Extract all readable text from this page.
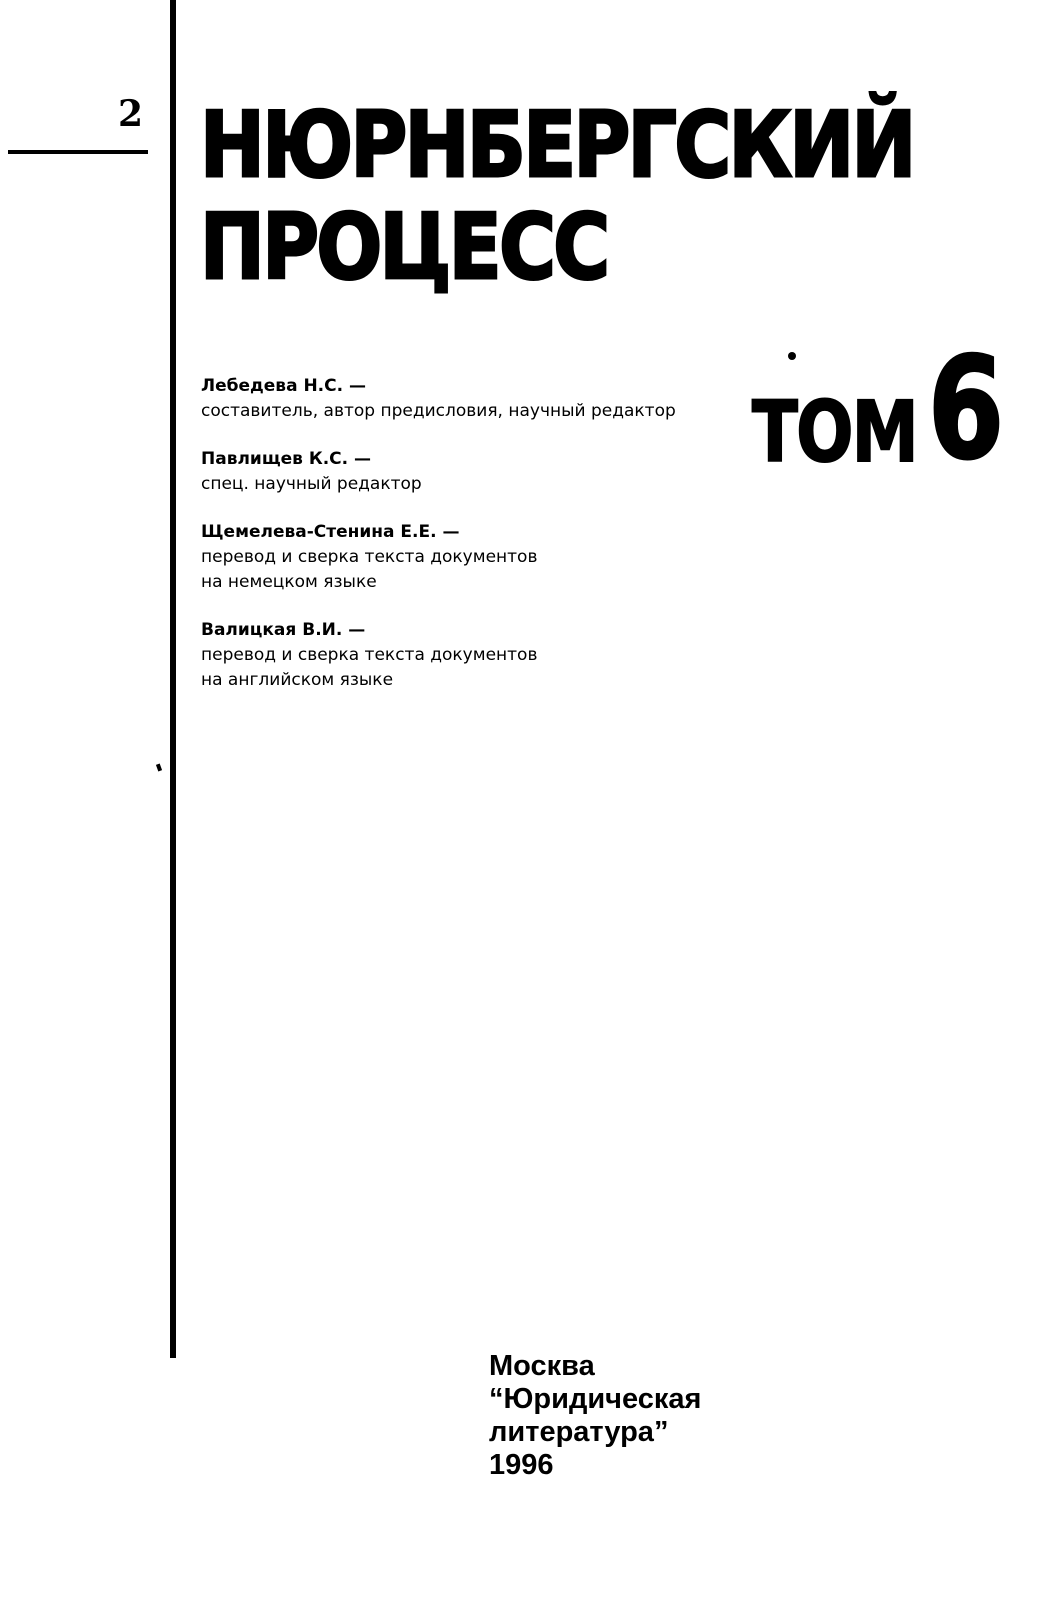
2 НЮРНБЕРГСКИЙ
ПРОЦЕСС
ТОМ 6
Лебедева Н.С. —
составитель, автор предисловия, научный редактор
Павлищев К.С. —
спец. научный редактор
Щемелева-Стенина Е.Е. —
перевод и сверка текста документов
на немецком языке
Валицкая В.И. —
перевод и сверка текста документов
на английском языке
Москва
“Юридическая
литература”
1996
